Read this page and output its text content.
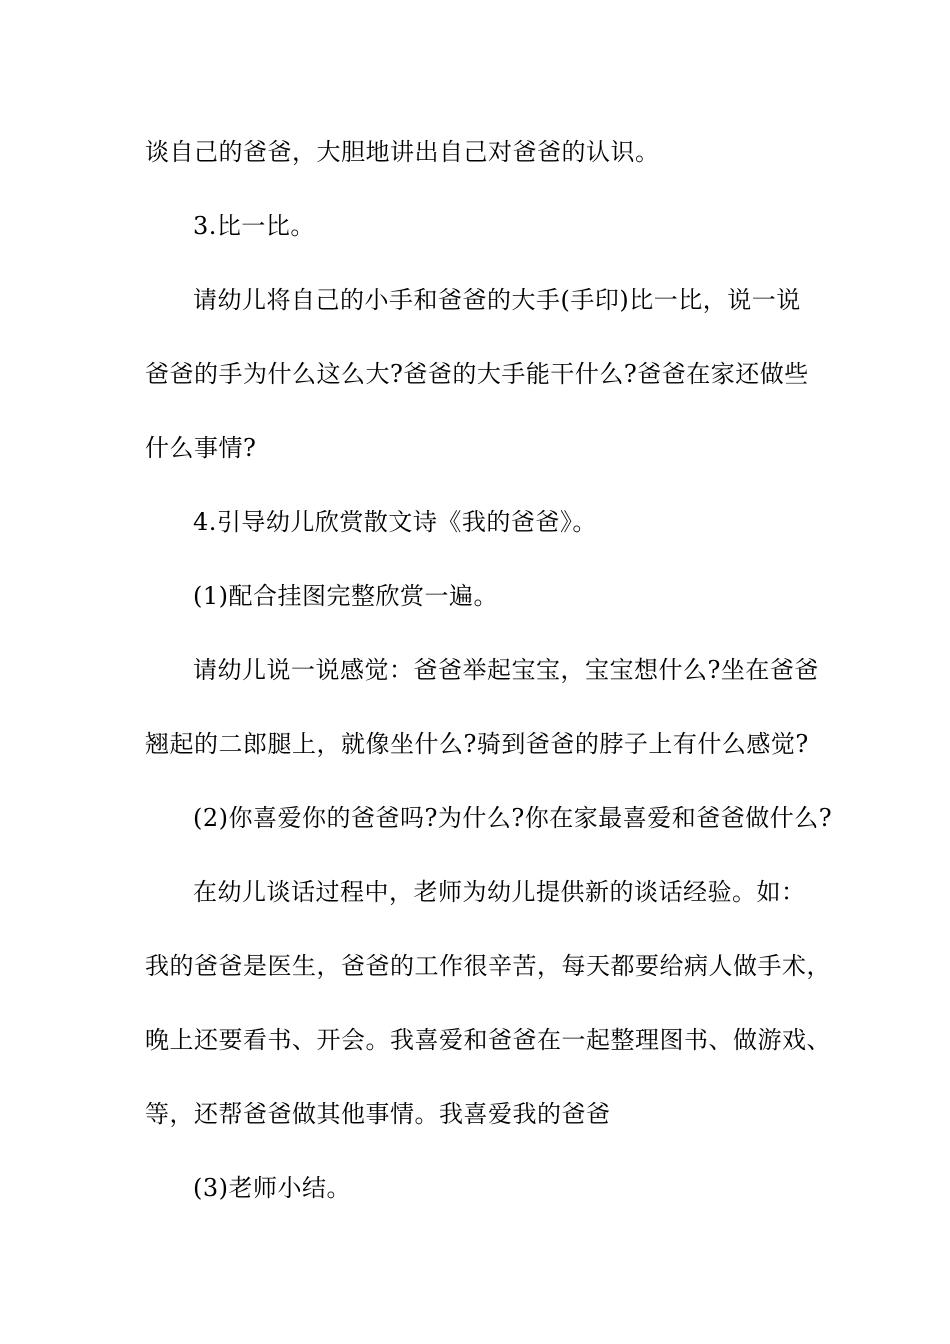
谈自己的爸爸，大胆地讲出自己对爸爸的认识。
3.比一比。
请幼儿将自己的小手和爸爸的大手(手印)比一比，说一说
爸爸的手为什么这么大?爸爸的大手能干什么?爸爸在家还做些
什么事情?
4.引导幼儿欣赏散文诗《我的爸爸》。
(1)配合挂图完整欣赏一遍。
请幼儿说一说感觉：爸爸举起宝宝，宝宝想什么?坐在爸爸
翘起的二郎腿上，就像坐什么?骑到爸爸的脖子上有什么感觉?
(2)你喜爱你的爸爸吗?为什么?你在家最喜爱和爸爸做什么?
在幼儿谈话过程中，老师为幼儿提供新的谈话经验。如：
我的爸爸是医生，爸爸的工作很辛苦，每天都要给病人做手术，
晚上还要看书、开会。我喜爱和爸爸在一起整理图书、做游戏、
等，还帮爸爸做其他事情。我喜爱我的爸爸
(3)老师小结。
